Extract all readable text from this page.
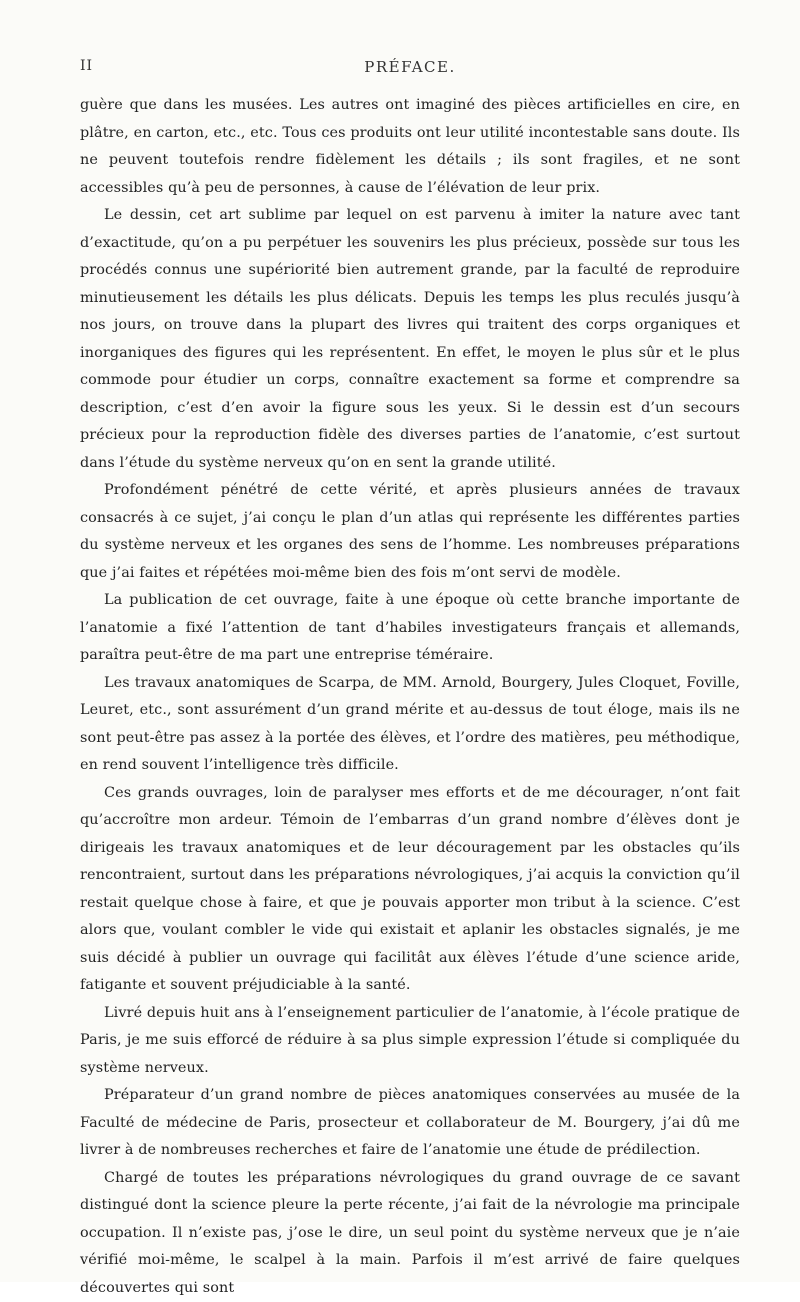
II	PRÉFACE.

guère que dans les musées. Les autres ont imaginé des pièces artificielles en cire, en plâtre, en carton, etc., etc. Tous ces produits ont leur utilité incontestable sans doute. Ils ne peuvent toutefois rendre fidèlement les détails ; ils sont fragiles, et ne sont accessibles qu’à peu de personnes, à cause de l’élévation de leur prix.

Le dessin, cet art sublime par lequel on est parvenu à imiter la nature avec tant d’exactitude, qu’on a pu perpétuer les souvenirs les plus précieux, possède sur tous les procédés connus une supériorité bien autrement grande, par la faculté de reproduire minutieusement les détails les plus délicats. Depuis les temps les plus reculés jusqu’à nos jours, on trouve dans la plupart des livres qui traitent des corps organiques et inorganiques des figures qui les représentent. En effet, le moyen le plus sûr et le plus commode pour étudier un corps, connaître exactement sa forme et comprendre sa description, c’est d’en avoir la figure sous les yeux. Si le dessin est d’un secours précieux pour la reproduction fidèle des diverses parties de l’anatomie, c’est surtout dans l’étude du système nerveux qu’on en sent la grande utilité.

Profondément pénétré de cette vérité, et après plusieurs années de travaux consacrés à ce sujet, j’ai conçu le plan d’un atlas qui représente les différentes parties du système nerveux et les organes des sens de l’homme. Les nombreuses préparations que j’ai faites et répétées moi-même bien des fois m’ont servi de modèle.

La publication de cet ouvrage, faite à une époque où cette branche importante de l’anatomie a fixé l’attention de tant d’habiles investigateurs français et allemands, paraîtra peut-être de ma part une entreprise téméraire.

Les travaux anatomiques de Scarpa, de MM. Arnold, Bourgery, Jules Cloquet, Foville, Leuret, etc., sont assurément d’un grand mérite et au-dessus de tout éloge, mais ils ne sont peut-être pas assez à la portée des élèves, et l’ordre des matières, peu méthodique, en rend souvent l’intelligence très difficile.

Ces grands ouvrages, loin de paralyser mes efforts et de me décourager, n’ont fait qu’accroître mon ardeur. Témoin de l’embarras d’un grand nombre d’élèves dont je dirigeais les travaux anatomiques et de leur découragement par les obstacles qu’ils rencontraient, surtout dans les préparations névrologiques, j’ai acquis la conviction qu’il restait quelque chose à faire, et que je pouvais apporter mon tribut à la science. C’est alors que, voulant combler le vide qui existait et aplanir les obstacles signalés, je me suis décidé à publier un ouvrage qui facilitât aux élèves l’étude d’une science aride, fatigante et souvent préjudiciable à la santé.

Livré depuis huit ans à l’enseignement particulier de l’anatomie, à l’école pratique de Paris, je me suis efforcé de réduire à sa plus simple expression l’étude si compliquée du système nerveux.

Préparateur d’un grand nombre de pièces anatomiques conservées au musée de la Faculté de médecine de Paris, prosecteur et collaborateur de M. Bourgery, j’ai dû me livrer à de nombreuses recherches et faire de l’anatomie une étude de prédilection.

Chargé de toutes les préparations névrologiques du grand ouvrage de ce savant distingué dont la science pleure la perte récente, j’ai fait de la névrologie ma principale occupation. Il n’existe pas, j’ose le dire, un seul point du système nerveux que je n’aie vérifié moi-même, le scalpel à la main. Parfois il m’est arrivé de faire quelques découvertes qui sont
